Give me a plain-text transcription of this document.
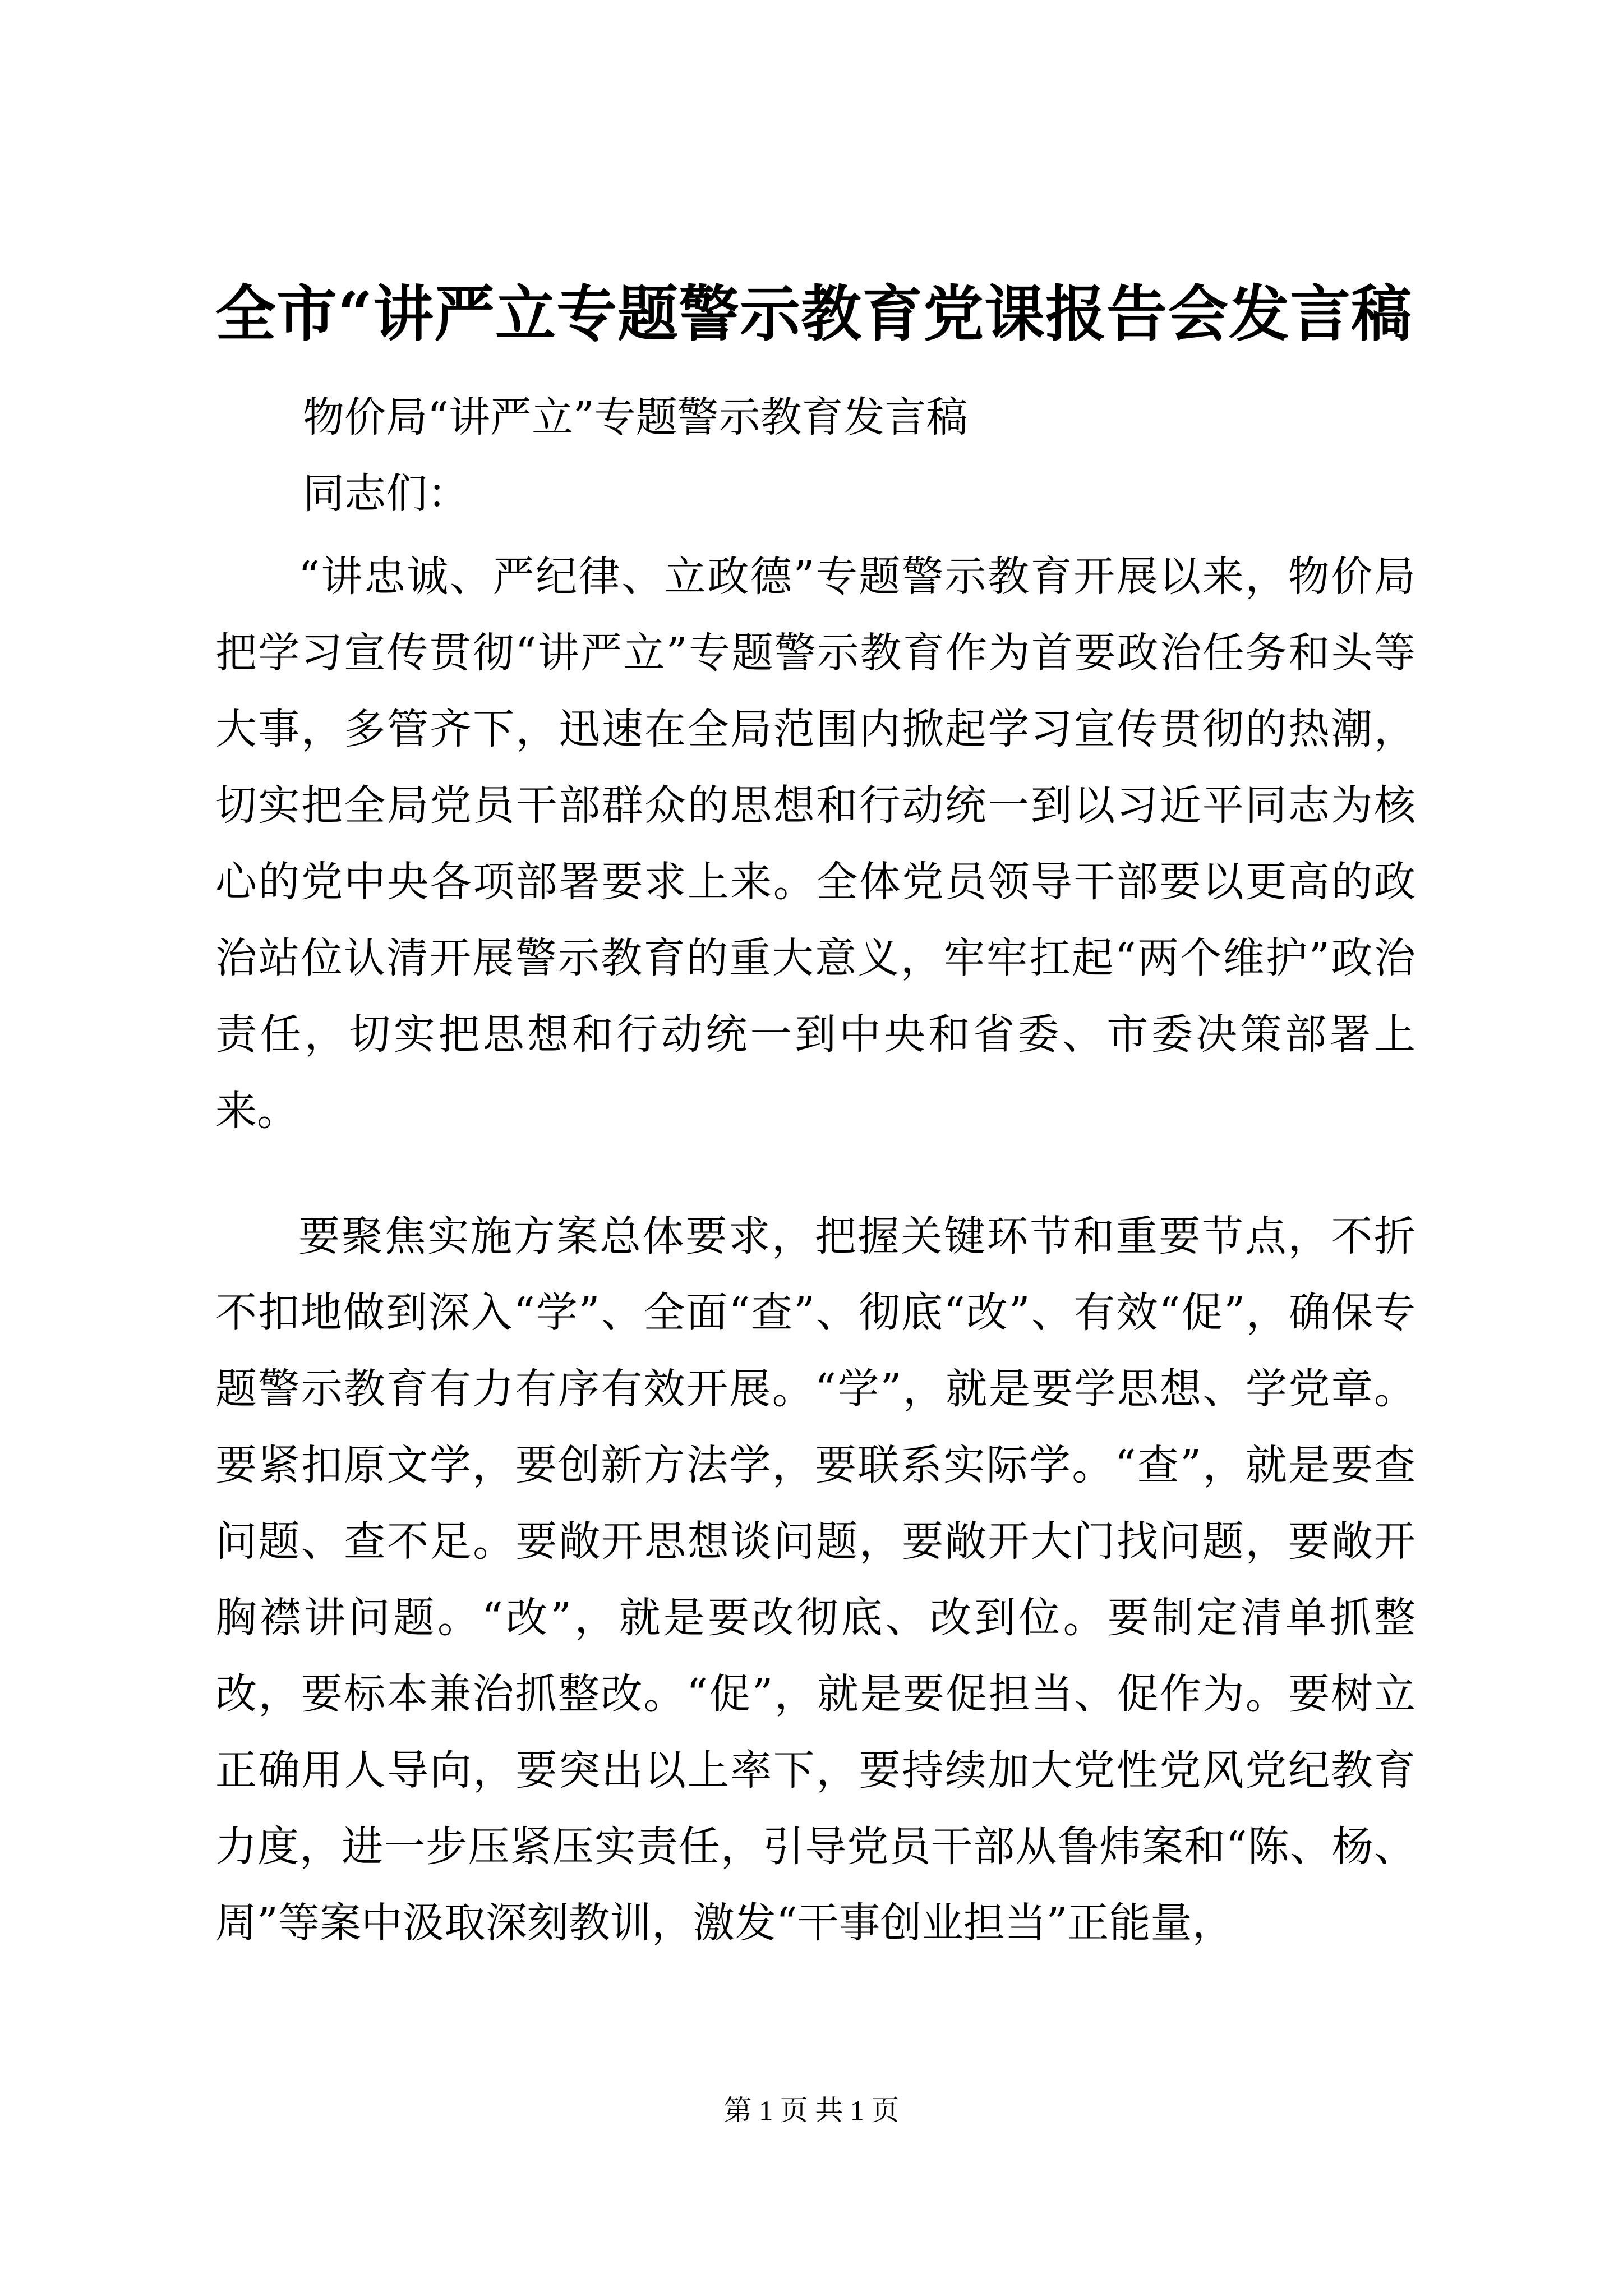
全市“讲严立专题警示教育党课报告会发言稿
物价局“讲严立”专题警示教育发言稿
同志们：

“讲忠诚、严纪律、立政德”专题警示教育开展以来，物价局把学习宣传贯彻“讲严立”专题警示教育作为首要政治任务和头等大事，多管齐下，迅速在全局范围内掀起学习宣传贯彻的热潮，切实把全局党员干部群众的思想和行动统一到以习近平同志为核心的党中央各项部署要求上来。全体党员领导干部要以更高的政治站位认清开展警示教育的重大意义，牢牢扛起“两个维护”政治责任，切实把思想和行动统一到中央和省委、市委决策部署上来。

要聚焦实施方案总体要求，把握关键环节和重要节点，不折不扣地做到深入“学”、全面“查”、彻底“改”、有效“促”，确保专题警示教育有力有序有效开展。“学”，就是要学思想、学党章。要紧扣原文学，要创新方法学，要联系实际学。“查”，就是要查问题、查不足。要敞开思想谈问题，要敞开大门找问题，要敞开胸襟讲问题。“改”，就是要改彻底、改到位。要制定清单抓整改，要标本兼治抓整改。“促”，就是要促担当、促作为。要树立正确用人导向，要突出以上率下，要持续加大党性党风党纪教育力度，进一步压紧压实责任，引导党员干部从鲁炜案和“陈、杨、周”等案中汲取深刻教训，激发“干事创业担当”正能量，

第 1 页 共 1 页
